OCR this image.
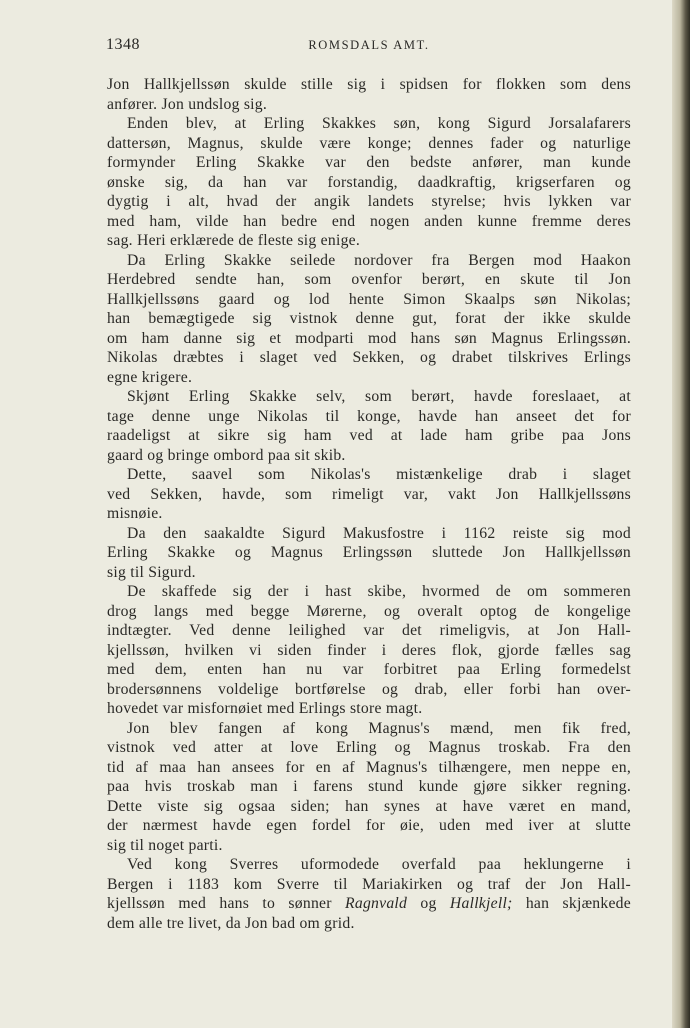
1348	ROMSDALS AMT.
Jon Hallkjellssøn skulde stille sig i spidsen for flokken som dens
anfører. Jon undslog sig.
Enden blev, at Erling Skakkes søn, kong Sigurd Jorsalafarers
dattersøn, Magnus, skulde være konge; dennes fader og naturlige
formynder Erling Skakke var den bedste anfører, man kunde
ønske sig, da han var forstandig, daadkraftig, krigserfaren og
dygtig i alt, hvad der angik landets styrelse; hvis lykken var
med ham, vilde han bedre end nogen anden kunne fremme deres
sag. Heri erklærede de fleste sig enige.
Da Erling Skakke seilede nordover fra Bergen mod Haakon
Herdebred sendte han, som ovenfor berørt, en skute til Jon
Hallkjellssøns gaard og lod hente Simon Skaalps søn Nikolas;
han bemægtigede sig vistnok denne gut, forat der ikke skulde
om ham danne sig et modparti mod hans søn Magnus Erlingssøn.
Nikolas dræbtes i slaget ved Sekken, og drabet tilskrives Erlings
egne krigere.
Skjønt Erling Skakke selv, som berørt, havde foreslaaet, at
tage denne unge Nikolas til konge, havde han anseet det for
raadeligst at sikre sig ham ved at lade ham gribe paa Jons
gaard og bringe ombord paa sit skib.
Dette, saavel som Nikolas's mistænkelige drab i slaget
ved Sekken, havde, som rimeligt var, vakt Jon Hallkjellssøns
misnøie.
Da den saakaldte Sigurd Makusfostre i 1162 reiste sig mod
Erling Skakke og Magnus Erlingssøn sluttede Jon Hallkjellssøn
sig til Sigurd.
De skaffede sig der i hast skibe, hvormed de om sommeren
drog langs med begge Mørerne, og overalt optog de kongelige
indtægter. Ved denne leilighed var det rimeligvis, at Jon Hall-
kjellssøn, hvilken vi siden finder i deres flok, gjorde fælles sag
med dem, enten han nu var forbitret paa Erling formedelst
brodersønnens voldelige bortførelse og drab, eller forbi han over-
hovedet var misfornøiet med Erlings store magt.
Jon blev fangen af kong Magnus's mænd, men fik fred,
vistnok ved atter at love Erling og Magnus troskab. Fra den
tid af maa han ansees for en af Magnus's tilhængere, men neppe en,
paa hvis troskab man i farens stund kunde gjøre sikker regning.
Dette viste sig ogsaa siden; han synes at have været en mand,
der nærmest havde egen fordel for øie, uden med iver at slutte
sig til noget parti.
Ved kong Sverres uformodede overfald paa heklungerne i
Bergen i 1183 kom Sverre til Mariakirken og traf der Jon Hall-
kjellssøn med hans to sønner Ragnvald og Hallkjell; han skjænkede
dem alle tre livet, da Jon bad om grid.
